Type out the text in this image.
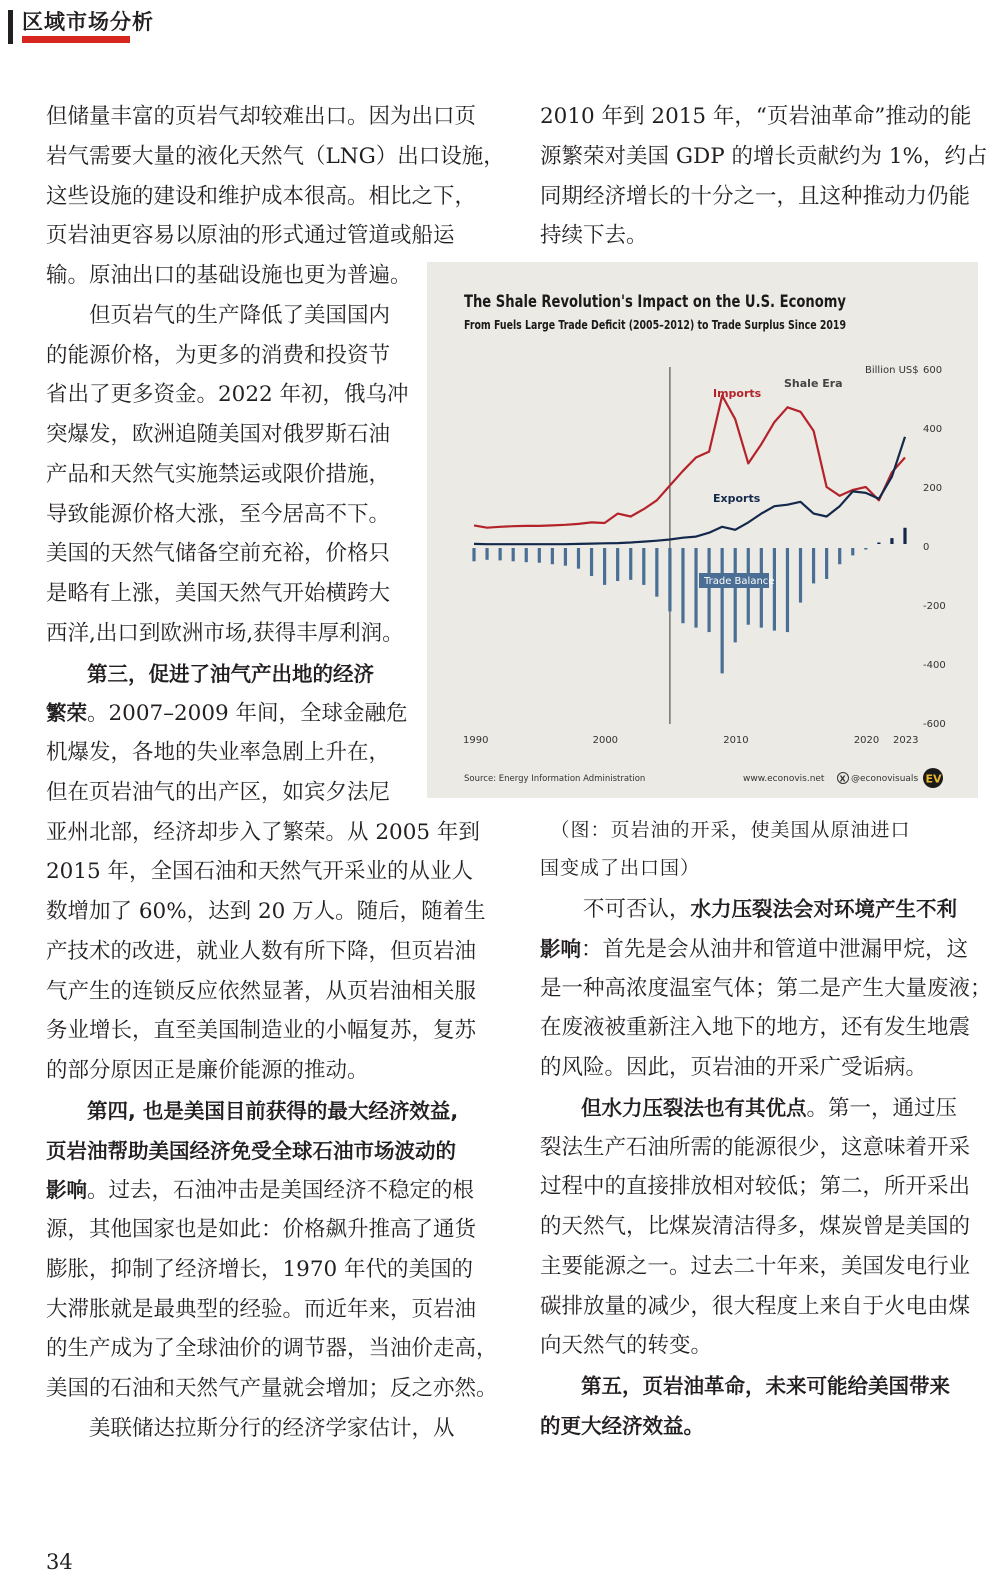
区域市场分析
但储量丰富的页岩气却较难出口。因为出口页
岩气需要大量的液化天然气（LNG）出口设施，
这些设施的建设和维护成本很高。相比之下，
页岩油更容易以原油的形式通过管道或船运
输。原油出口的基础设施也更为普遍。
　　但页岩气的生产降低了美国国内
的能源价格，为更多的消费和投资节
省出了更多资金。2022 年初，俄乌冲
突爆发，欧洲追随美国对俄罗斯石油
产品和天然气实施禁运或限价措施，
导致能源价格大涨，至今居高不下。
美国的天然气储备空前充裕，价格只
是略有上涨，美国天然气开始横跨大
西洋,出口到欧洲市场,获得丰厚利润。
　　第三，促进了油气产出地的经济
繁荣。2007–2009 年间，全球金融危
机爆发，各地的失业率急剧上升在，
但在页岩油气的出产区，如宾夕法尼
亚州北部，经济却步入了繁荣。从 2005 年到
2015 年，全国石油和天然气开采业的从业人
数增加了 60%，达到 20 万人。随后，随着生
产技术的改进，就业人数有所下降，但页岩油
气产生的连锁反应依然显著，从页岩油相关服
务业增长，直至美国制造业的小幅复苏，复苏
的部分原因正是廉价能源的推动。
　　第四, 也是美国目前获得的最大经济效益,
页岩油帮助美国经济免受全球石油市场波动的
影响。过去，石油冲击是美国经济不稳定的根
源，其他国家也是如此：价格飙升推高了通货
膨胀，抑制了经济增长，1970 年代的美国的
大滞胀就是最典型的经验。而近年来，页岩油
的生产成为了全球油价的调节器，当油价走高，
美国的石油和天然气产量就会增加；反之亦然。
　　美联储达拉斯分行的经济学家估计，从
2010 年到 2015 年，“页岩油革命”推动的能
源繁荣对美国 GDP 的增长贡献约为 1%，约占
同期经济增长的十分之一，且这种推动力仍能
持续下去。
The Shale Revolution's Impact on the U.S. Economy
From Fuels Large Trade Deficit (2005–2012) to Trade Surplus Since 2019
Billion US$ 600
400
200
0
-200
-400
-600
Shale Era
Imports
Exports
Trade Balance
1990	2000	2010	2020 2023
Source: Energy Information Administration	www.econovis.net X @econovisuals EV
　（图：页岩油的开采，使美国从原油进口
国变成了出口国）
　　不可否认，水力压裂法会对环境产生不利
影响：首先是会从油井和管道中泄漏甲烷，这
是一种高浓度温室气体；第二是产生大量废液；
在废液被重新注入地下的地方，还有发生地震
的风险。因此，页岩油的开采广受诟病。
　　但水力压裂法也有其优点。第一，通过压
裂法生产石油所需的能源很少，这意味着开采
过程中的直接排放相对较低；第二，所开采出
的天然气，比煤炭清洁得多，煤炭曾是美国的
主要能源之一。过去二十年来，美国发电行业
碳排放量的减少，很大程度上来自于火电由煤
向天然气的转变。
　　第五，页岩油革命，未来可能给美国带来
的更大经济效益。
34
